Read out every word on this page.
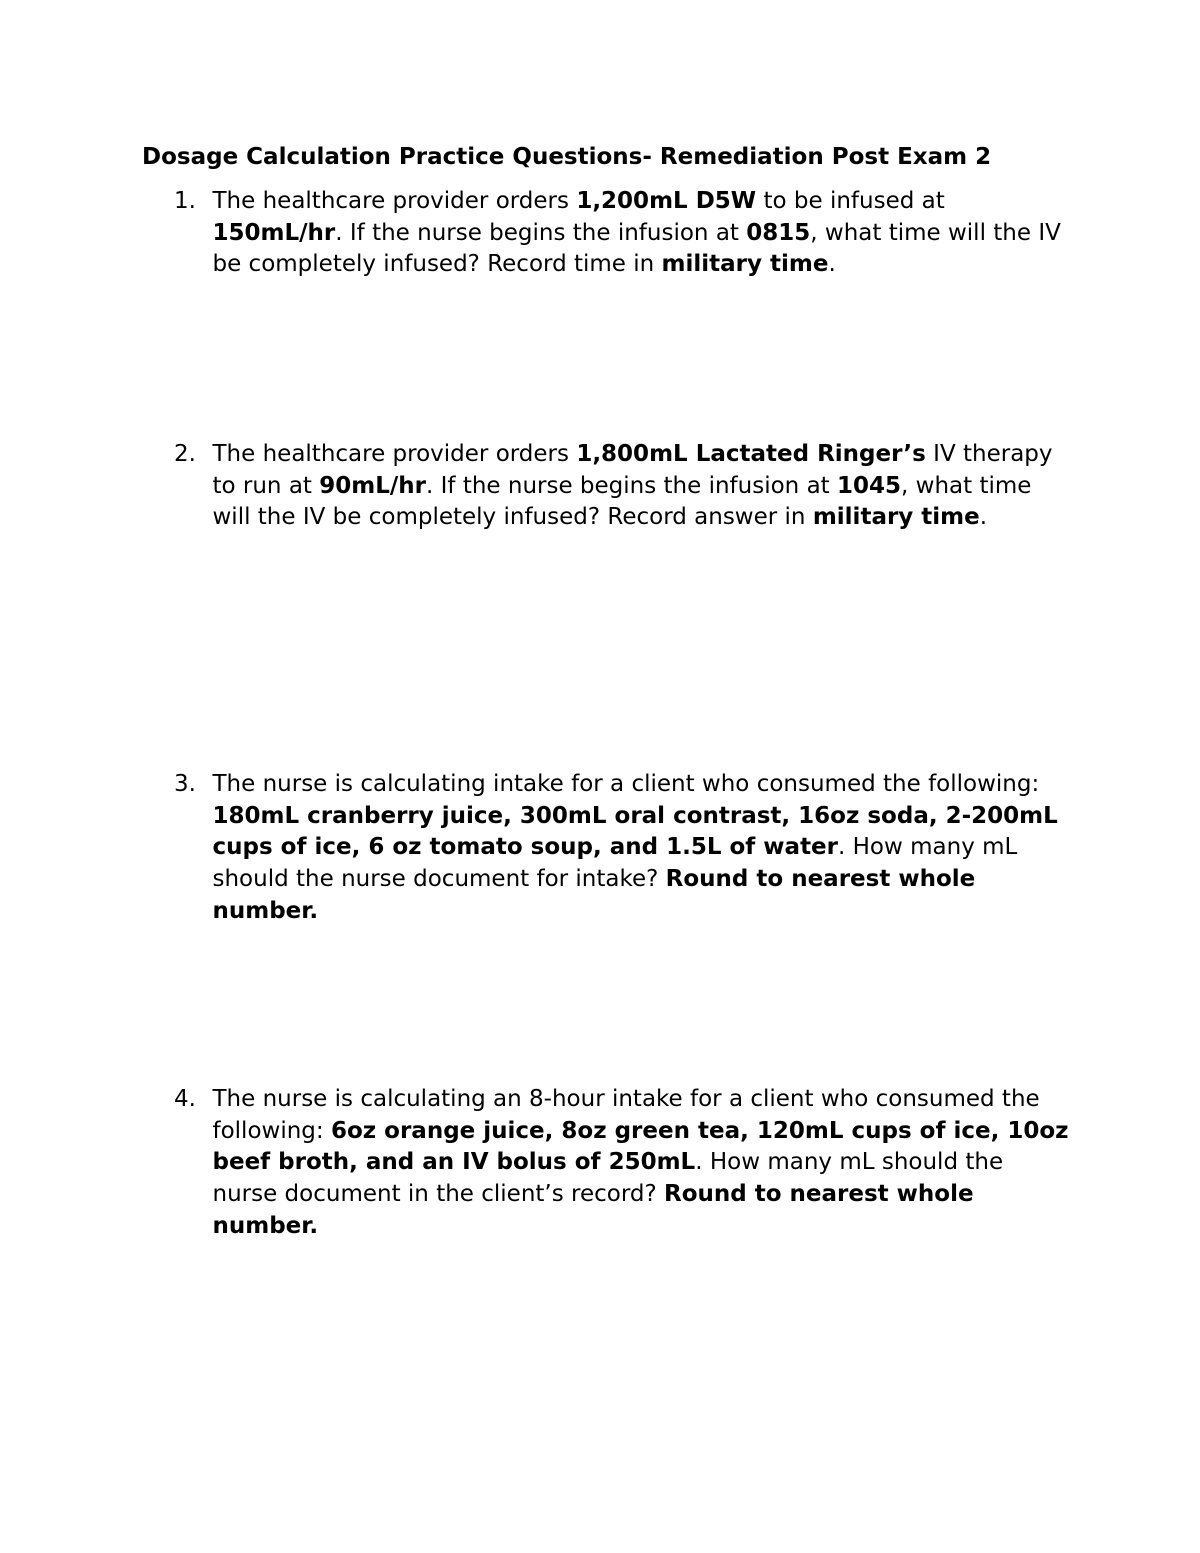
Dosage Calculation Practice Questions- Remediation Post Exam 2
1. The healthcare provider orders 1,200mL D5W to be infused at
150mL/hr. If the nurse begins the infusion at 0815, what time will the IV be completely infused? Record time in military time.
2. The healthcare provider orders 1,800mL Lactated Ringer’s IV therapy to run at 90mL/hr. If the nurse begins the infusion at 1045, what time will the IV be completely infused? Record answer in military time.
3. The nurse is calculating intake for a client who consumed the following: 180mL cranberry juice, 300mL oral contrast, 16oz soda, 2-200mL cups of ice, 6 oz tomato soup, and 1.5L of water. How many mL should the nurse document for intake? Round to nearest whole number.
4. The nurse is calculating an 8-hour intake for a client who consumed the following: 6oz orange juice, 8oz green tea, 120mL cups of ice, 10oz beef broth, and an IV bolus of 250mL. How many mL should the nurse document in the client’s record? Round to nearest whole number.
